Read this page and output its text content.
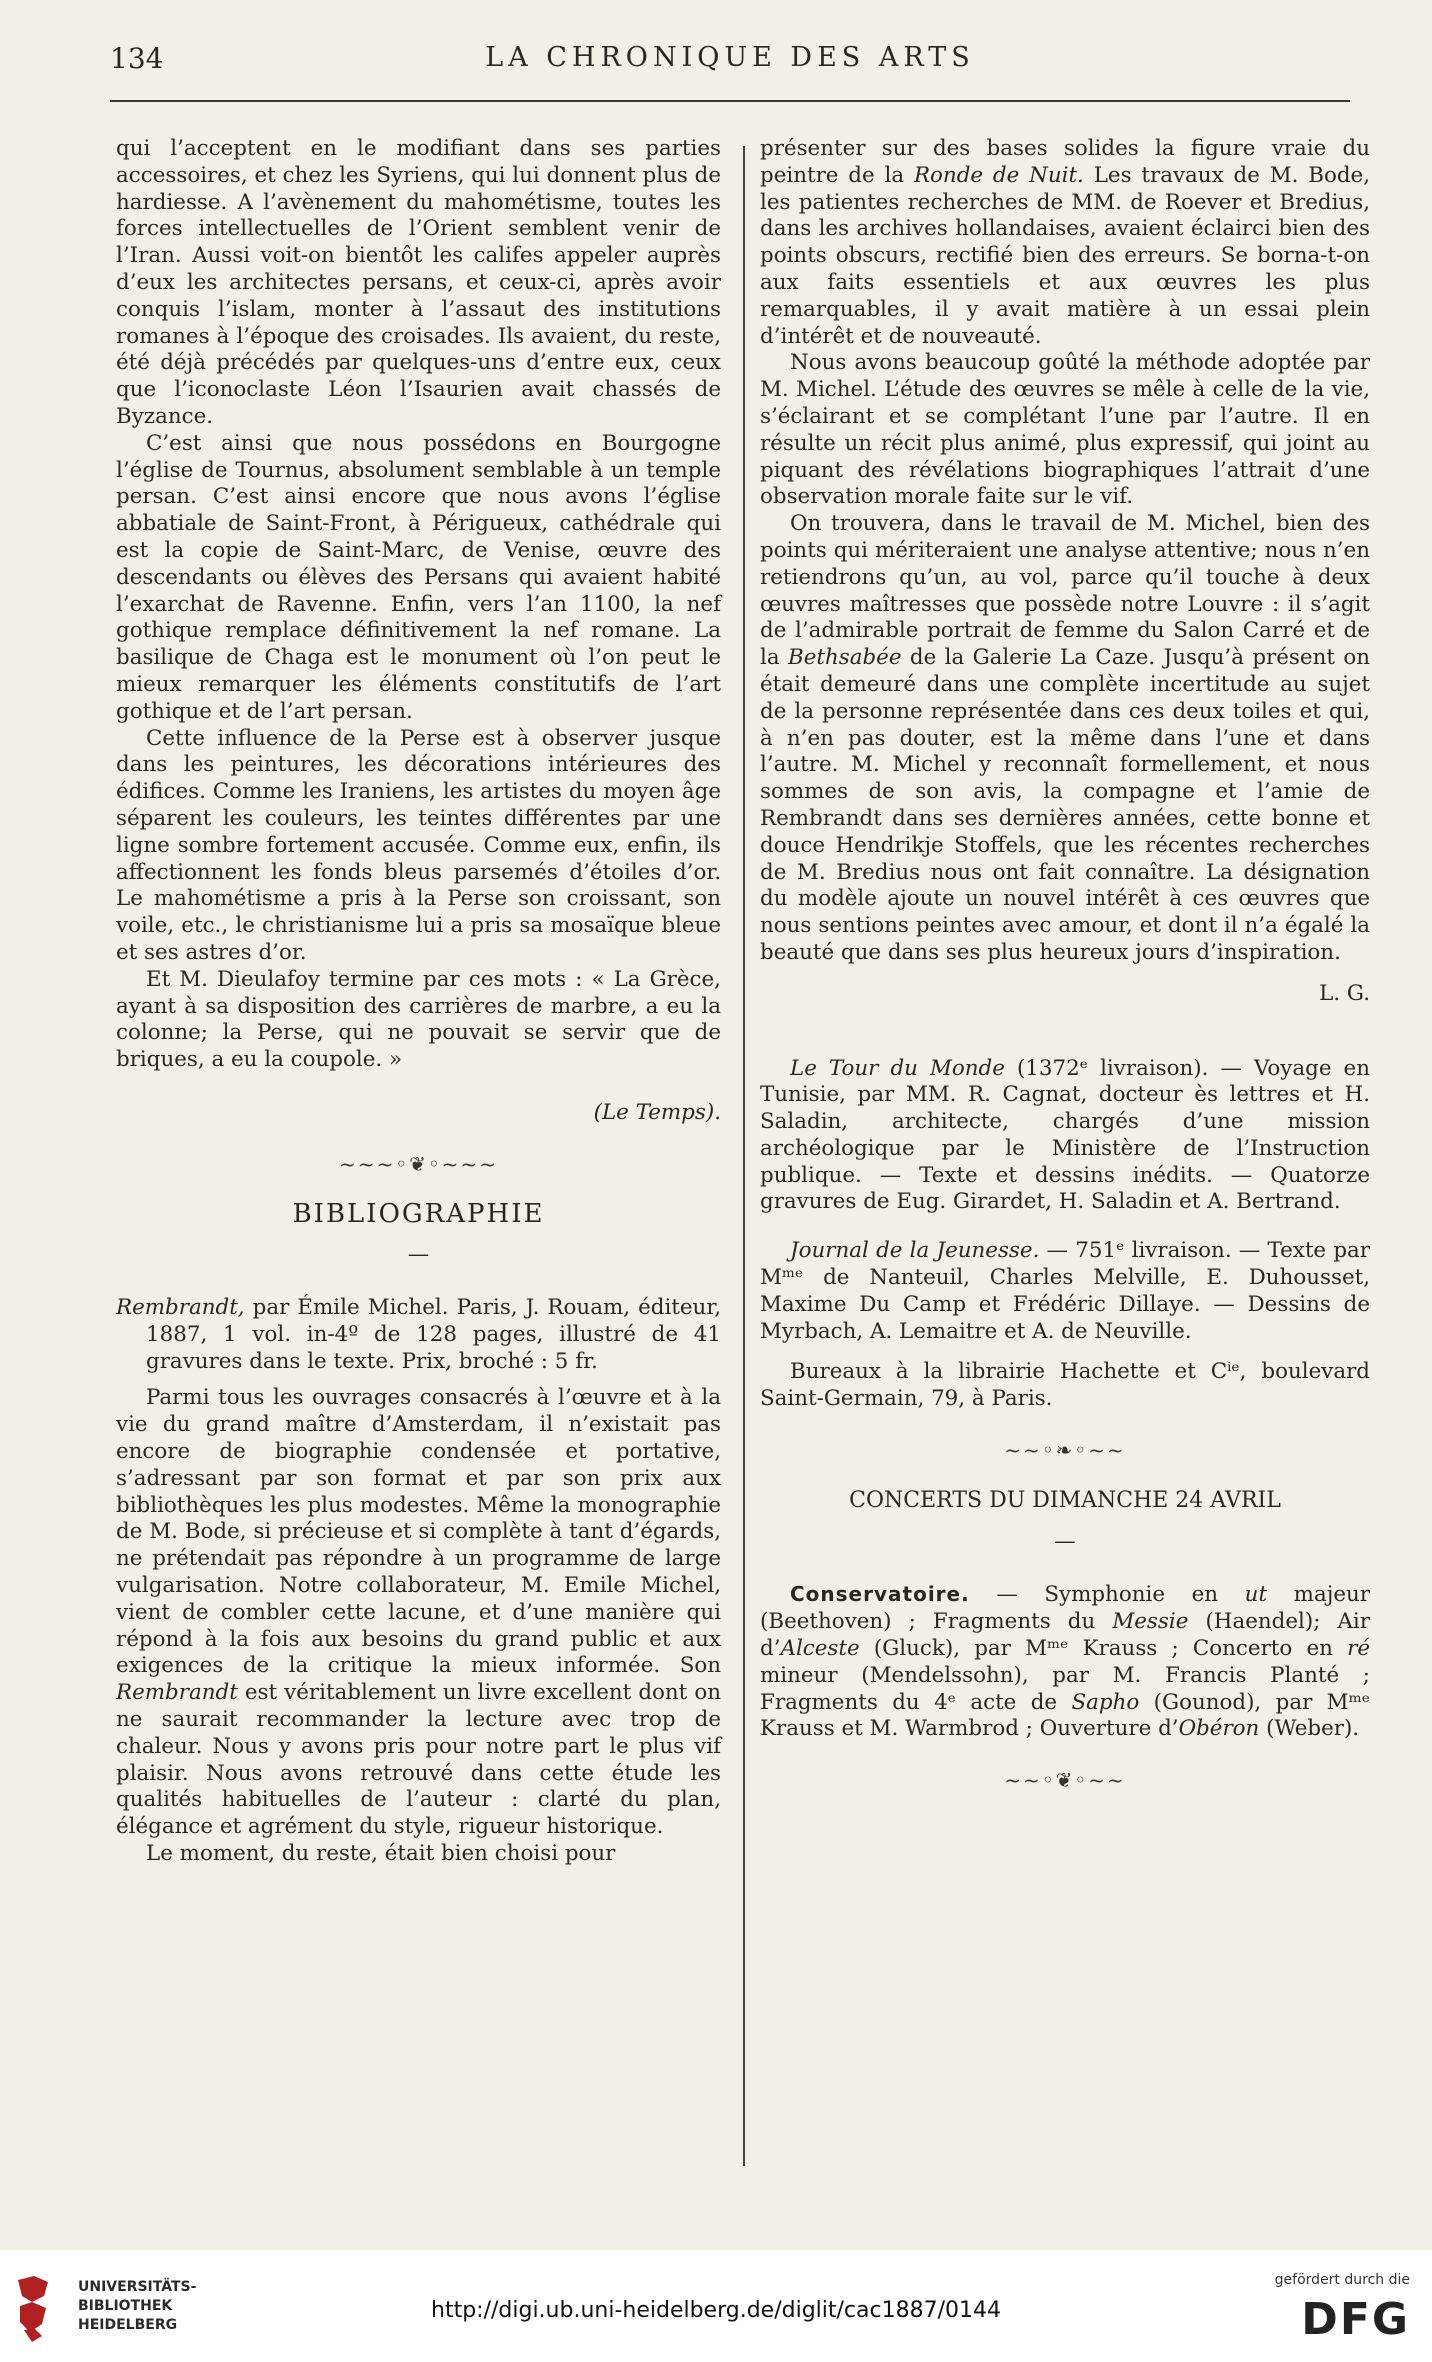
134	LA CHRONIQUE DES ARTS

qui l’acceptent en le modifiant dans ses parties accessoires, et chez les Syriens, qui lui donnent plus de hardiesse. A l’avènement du mahométisme, toutes les forces intellectuelles de l’Orient semblent venir de l’Iran. Aussi voit-on bientôt les califes appeler auprès d’eux les architectes persans, et ceux-ci, après avoir conquis l’islam, monter à l’assaut des institutions romanes à l’époque des croisades. Ils avaient, du reste, été déjà précédés par quelques-uns d’entre eux, ceux que l’iconoclaste Léon l’Isaurien avait chassés de Byzance.

C’est ainsi que nous possédons en Bourgogne l’église de Tournus, absolument semblable à un temple persan. C’est ainsi encore que nous avons l’église abbatiale de Saint-Front, à Périgueux, cathédrale qui est la copie de Saint-Marc, de Venise, œuvre des descendants ou élèves des Persans qui avaient habité l’exarchat de Ravenne. Enfin, vers l’an 1100, la nef gothique remplace définitivement la nef romane. La basilique de Chaga est le monument où l’on peut le mieux remarquer les éléments constitutifs de l’art gothique et de l’art persan.

Cette influence de la Perse est à observer jusque dans les peintures, les décorations intérieures des édifices. Comme les Iraniens, les artistes du moyen âge séparent les couleurs, les teintes différentes par une ligne sombre fortement accusée. Comme eux, enfin, ils affectionnent les fonds bleus parsemés d’étoiles d’or. Le mahométisme a pris à la Perse son croissant, son voile, etc., le christianisme lui a pris sa mosaïque bleue et ses astres d’or.

Et M. Dieulafoy termine par ces mots : « La Grèce, ayant à sa disposition des carrières de marbre, a eu la colonne; la Perse, qui ne pouvait se servir que de briques, a eu la coupole. »

(Le Temps).

~~~◦❦◦~~~
BIBLIOGRAPHIE
—

Rembrandt, par Émile Michel. Paris, J. Rouam, éditeur, 1887, 1 vol. in-4º de 128 pages, illustré de 41 gravures dans le texte. Prix, broché : 5 fr.

Parmi tous les ouvrages consacrés à l’œuvre et à la vie du grand maître d’Amsterdam, il n’existait pas encore de biographie condensée et portative, s’adressant par son format et par son prix aux bibliothèques les plus modestes. Même la monographie de M. Bode, si précieuse et si complète à tant d’égards, ne prétendait pas répondre à un programme de large vulgarisation. Notre collaborateur, M. Emile Michel, vient de combler cette lacune, et d’une manière qui répond à la fois aux besoins du grand public et aux exigences de la critique la mieux informée. Son Rembrandt est véritablement un livre excellent dont on ne saurait recommander la lecture avec trop de chaleur. Nous y avons pris pour notre part le plus vif plaisir. Nous avons retrouvé dans cette étude les qualités habituelles de l’auteur : clarté du plan, élégance et agrément du style, rigueur historique.

Le moment, du reste, était bien choisi pour

présenter sur des bases solides la figure vraie du peintre de la Ronde de Nuit. Les travaux de M. Bode, les patientes recherches de MM. de Roever et Bredius, dans les archives hollandaises, avaient éclairci bien des points obscurs, rectifié bien des erreurs. Se borna-t-on aux faits essentiels et aux œuvres les plus remarquables, il y avait matière à un essai plein d’intérêt et de nouveauté.

Nous avons beaucoup goûté la méthode adoptée par M. Michel. L’étude des œuvres se mêle à celle de la vie, s’éclairant et se complétant l’une par l’autre. Il en résulte un récit plus animé, plus expressif, qui joint au piquant des révélations biographiques l’attrait d’une observation morale faite sur le vif.

On trouvera, dans le travail de M. Michel, bien des points qui mériteraient une analyse attentive; nous n’en retiendrons qu’un, au vol, parce qu’il touche à deux œuvres maîtresses que possède notre Louvre : il s’agit de l’admirable portrait de femme du Salon Carré et de la Bethsabée de la Galerie La Caze. Jusqu’à présent on était demeuré dans une complète incertitude au sujet de la personne représentée dans ces deux toiles et qui, à n’en pas douter, est la même dans l’une et dans l’autre. M. Michel y reconnaît formellement, et nous sommes de son avis, la compagne et l’amie de Rembrandt dans ses dernières années, cette bonne et douce Hendrikje Stoffels, que les récentes recherches de M. Bredius nous ont fait connaître. La désignation du modèle ajoute un nouvel intérêt à ces œuvres que nous sentions peintes avec amour, et dont il n’a égalé la beauté que dans ses plus heureux jours d’inspiration.

L. G.

Le Tour du Monde (1372ᵉ livraison). — Voyage en Tunisie, par MM. R. Cagnat, docteur ès lettres et H. Saladin, architecte, chargés d’une mission archéologique par le Ministère de l’Instruction publique. — Texte et dessins inédits. — Quatorze gravures de Eug. Girardet, H. Saladin et A. Bertrand.

Journal de la Jeunesse. — 751ᵉ livraison. — Texte par Mᵐᵉ de Nanteuil, Charles Melville, E. Duhousset, Maxime Du Camp et Frédéric Dillaye. — Dessins de Myrbach, A. Lemaitre et A. de Neuville.

Bureaux à la librairie Hachette et Cⁱᵉ, boulevard Saint-Germain, 79, à Paris.

~~◦❧◦~~
CONCERTS DU DIMANCHE 24 AVRIL
—

Conservatoire. — Symphonie en ut majeur (Beethoven) ; Fragments du Messie (Haendel); Air d’Alceste (Gluck), par Mᵐᵉ Krauss ; Concerto en ré mineur (Mendelssohn), par M. Francis Planté ; Fragments du 4ᵉ acte de Sapho (Gounod), par Mᵐᵉ Krauss et M. Warmbrod ; Ouverture d’Obéron (Weber).

~~◦❦◦~~
UNIVERSITÄTS-
BIBLIOTHEK
HEIDELBERG
http://digi.ub.uni-heidelberg.de/diglit/cac1887/0144
gefördert durch die
DFG
